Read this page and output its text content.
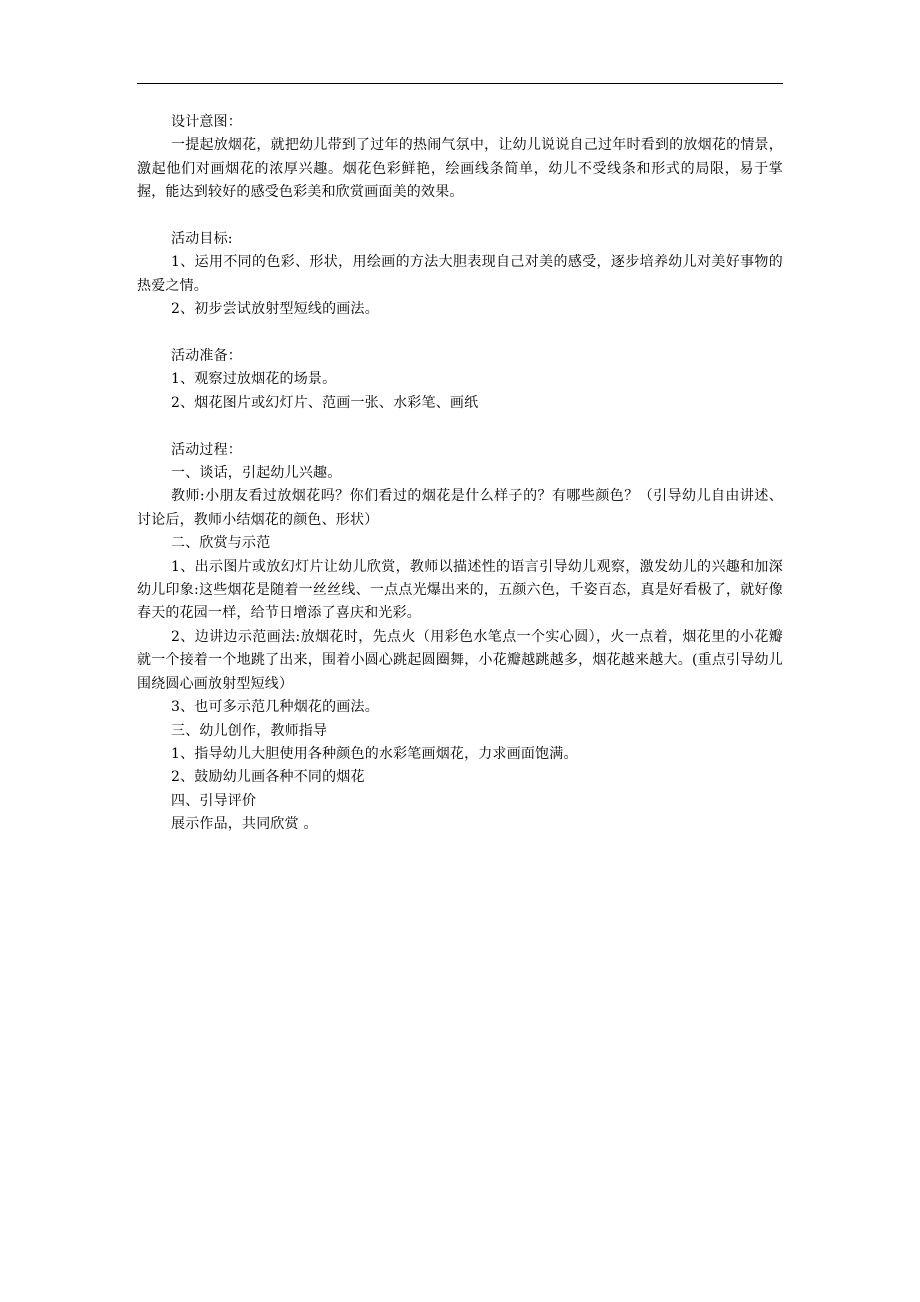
设计意图：

一提起放烟花，就把幼儿带到了过年的热闹气氛中，让幼儿说说自己过年时看到的放烟花的情景，激起他们对画烟花的浓厚兴趣。烟花色彩鲜艳，绘画线条简单，幼儿不受线条和形式的局限，易于掌握，能达到较好的感受色彩美和欣赏画面美的效果。

活动目标:

1、运用不同的色彩、形状，用绘画的方法大胆表现自己对美的感受，逐步培养幼儿对美好事物的热爱之情。

2、初步尝试放射型短线的画法。

活动准备：

1、观察过放烟花的场景。

2、烟花图片或幻灯片、范画一张、水彩笔、画纸

活动过程：

一、谈话，引起幼儿兴趣。

教师:小朋友看过放烟花吗？你们看过的烟花是什么样子的？有哪些颜色？（引导幼儿自由讲述、讨论后，教师小结烟花的颜色、形状）

二、欣赏与示范

1、出示图片或放幻灯片让幼儿欣赏，教师以描述性的语言引导幼儿观察，激发幼儿的兴趣和加深幼儿印象:这些烟花是随着一丝丝线、一点点光爆出来的，五颜六色，千姿百态，真是好看极了，就好像春天的花园一样，给节日增添了喜庆和光彩。

2、边讲边示范画法:放烟花时，先点火（用彩色水笔点一个实心圆），火一点着，烟花里的小花瓣就一个接着一个地跳了出来，围着小圆心跳起圆圈舞，小花瓣越跳越多，烟花越来越大。(重点引导幼儿围绕圆心画放射型短线）

3、也可多示范几种烟花的画法。

三、幼儿创作，教师指导

1、指导幼儿大胆使用各种颜色的水彩笔画烟花，力求画面饱满。

2、鼓励幼儿画各种不同的烟花

四、引导评价

展示作品，共同欣赏 。
